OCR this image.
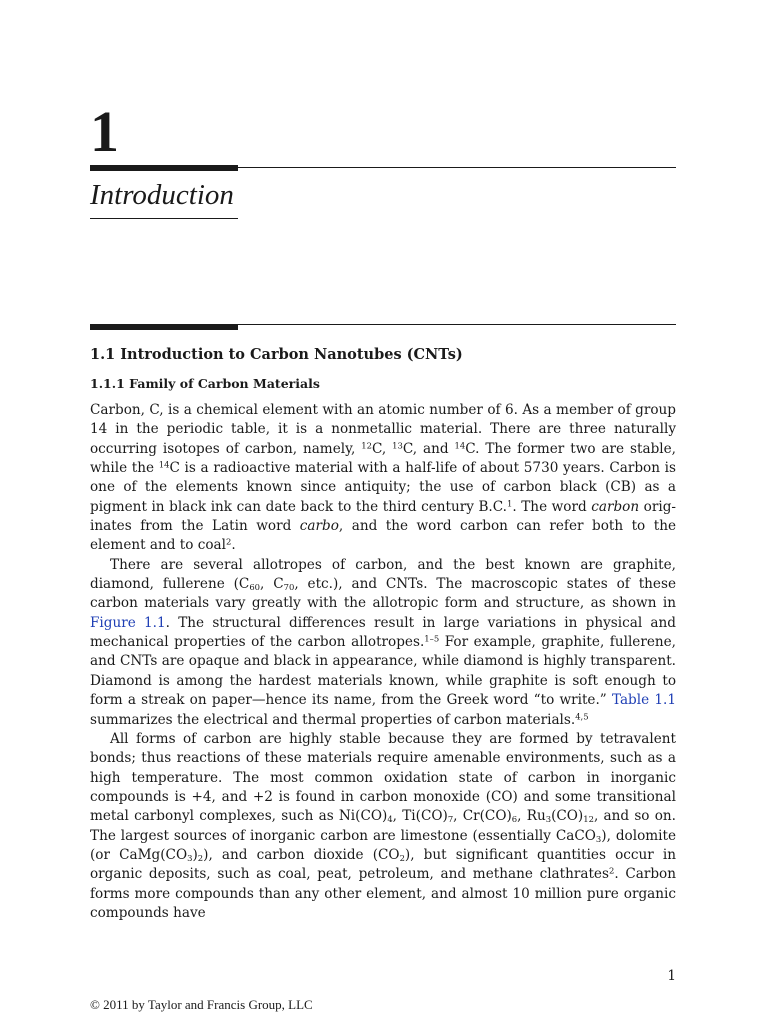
1
Introduction
1.1 Introduction to Carbon Nanotubes (CNTs)
1.1.1 Family of Carbon Materials

Carbon, C, is a chemical element with an atomic number of 6. As a member of group 14 in the periodic table, it is a nonmetallic material. There are three naturally occurring isotopes of carbon, namely, $^{12}$C, $^{13}$C, and $^{14}$C. The former two are stable, while the $^{14}$C is a radioactive material with a half-life of about 5730 years. Carbon is one of the elements known since antiquity; the use of carbon black (CB) as a pigment in black ink can date back to the third century B.C.$^1$. The word carbon originates from the Latin word carbo, and the word carbon can refer both to the element and to coal$^2$.

There are several allotropes of carbon, and the best known are graphite, diamond, fullerene ($C_{60}$, $C_{70}$, etc.), and CNTs. The macroscopic states of these carbon materials vary greatly with the allotropic form and structure, as shown in Figure 1.1. The structural differences result in large variations in physical and mechanical properties of the carbon allotropes.$^{1-5}$ For example, graphite, fullerene, and CNTs are opaque and black in appearance, while diamond is highly transparent. Diamond is among the hardest materials known, while graphite is soft enough to form a streak on paper—hence its name, from the Greek word “to write.” Table 1.1 summarizes the electrical and thermal properties of carbon materials.$^{4,5}$

All forms of carbon are highly stable because they are formed by tetravalent bonds; thus reactions of these materials require amenable environments, such as a high temperature. The most common oxidation state of carbon in inorganic compounds is +4, and +2 is found in carbon monoxide (CO) and some transitional metal carbonyl complexes, such as $Ni(CO)_4$, $Ti(CO)_7$, $Cr(CO)_6$, $Ru_3(CO)_{12}$, and so on. The largest sources of inorganic carbon are limestone (essentially CaCO$_3$), dolomite (or $CaMg(CO_3)_2$), and carbon dioxide $(CO_2)$, but significant quantities occur in organic deposits, such as coal, peat, petroleum, and methane clathrates$^2$. Carbon forms more compounds than any other element, and almost 10 million pure organic compounds have

1
© 2011 by Taylor and Francis Group, LLC
